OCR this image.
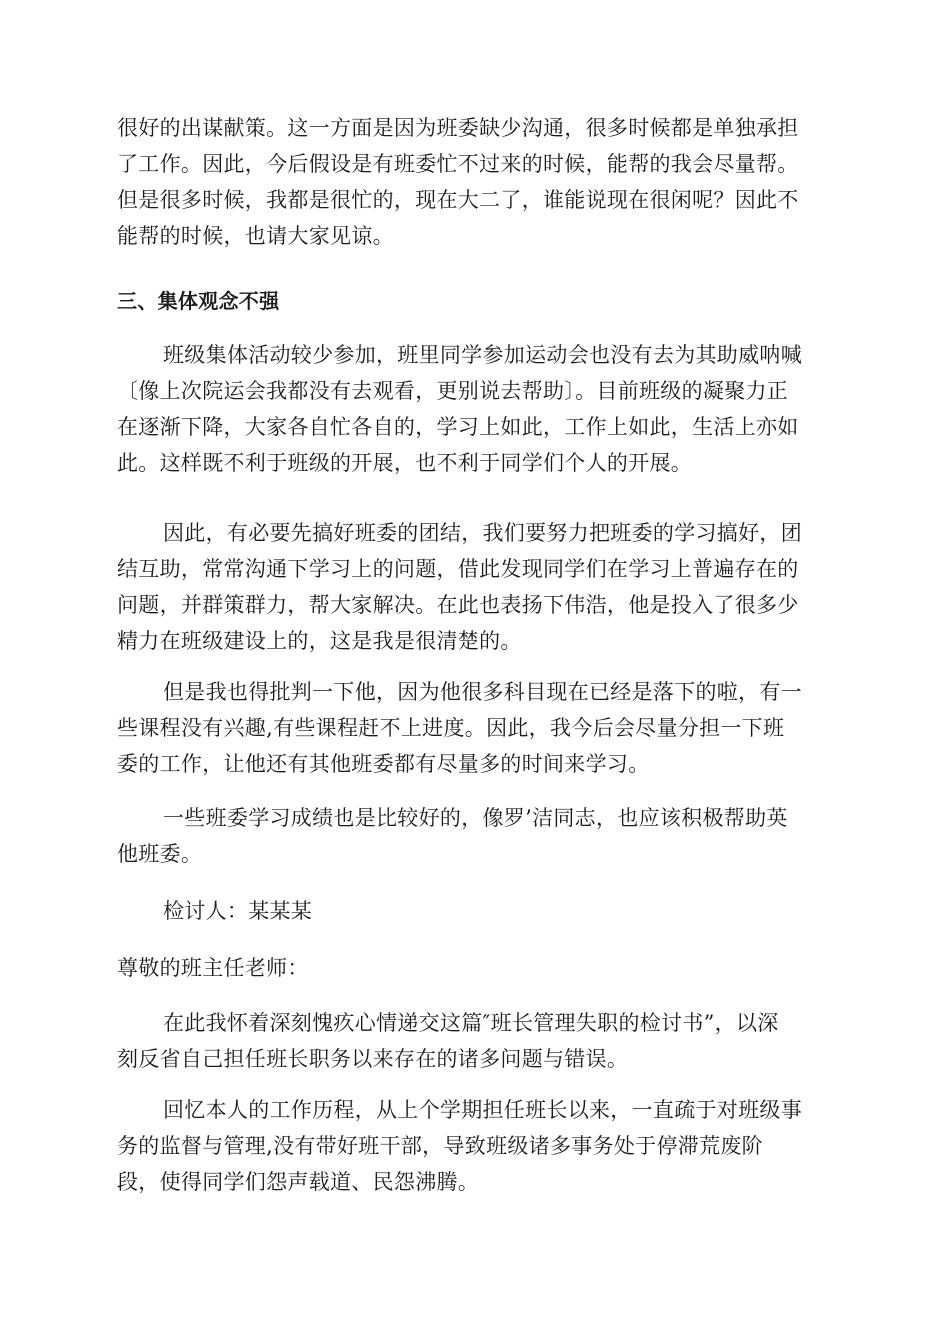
很好的出谋献策。这一方面是因为班委缺少沟通，很多时候都是单独承担
了工作。因此，今后假设是有班委忙不过来的时候，能帮的我会尽量帮。
但是很多时候，我都是很忙的，现在大二了，谁能说现在很闲呢？因此不
能帮的时候，也请大家见谅。
三、集体观念不强
班级集体活动较少参加，班里同学参加运动会也没有去为其助威呐喊
〔像上次院运会我都没有去观看，更别说去帮助〕。目前班级的凝聚力正
在逐渐下降，大家各自忙各自的，学习上如此，工作上如此，生活上亦如
此。这样既不利于班级的开展，也不利于同学们个人的开展。
因此，有必要先搞好班委的团结，我们要努力把班委的学习搞好，团
结互助，常常沟通下学习上的问题，借此发现同学们在学习上普遍存在的
问题，并群策群力，帮大家解决。在此也表扬下伟浩，他是投入了很多少
精力在班级建设上的，这是我是很清楚的。
但是我也得批判一下他，因为他很多科目现在已经是落下的啦，有一
些课程没有兴趣,有些课程赶不上进度。因此，我今后会尽量分担一下班
委的工作，让他还有其他班委都有尽量多的时间来学习。
一些班委学习成绩也是比较好的，像罗’洁同志，也应该积极帮助英
他班委。
检讨人：某某某
尊敬的班主任老师：
在此我怀着深刻愧疚心情递交这篇″班长管理失职的检讨书”，以深
刻反省自己担任班长职务以来存在的诸多问题与错误。
回忆本人的工作历程，从上个学期担任班长以来，一直疏于对班级事
务的监督与管理,没有带好班干部，导致班级诸多事务处于停滞荒废阶
段，使得同学们怨声载道、民怨沸腾。
